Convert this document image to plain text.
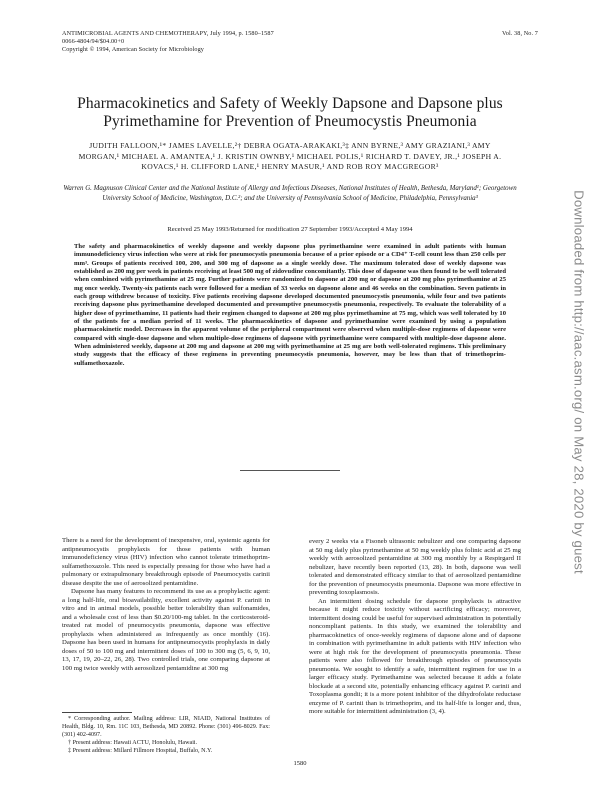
ANTIMICROBIAL AGENTS AND CHEMOTHERAPY, July 1994, p. 1580–1587
0066-4804/94/$04.00+0
Copyright © 1994, American Society for Microbiology
Vol. 38, No. 7
Pharmacokinetics and Safety of Weekly Dapsone and Dapsone plus Pyrimethamine for Prevention of Pneumocystis Pneumonia
JUDITH FALLOON,¹* JAMES LAVELLE,²† DEBRA OGATA-ARAKAKI,³‡ ANN BYRNE,³ AMY GRAZIANI,³ AMY MORGAN,¹ MICHAEL A. AMANTEA,¹ J. KRISTIN OWNBY,¹ MICHAEL POLIS,¹ RICHARD T. DAVEY, JR.,¹ JOSEPH A. KOVACS,¹ H. CLIFFORD LANE,¹ HENRY MASUR,¹ AND ROB ROY MACGREGOR³
Warren G. Magnuson Clinical Center and the National Institute of Allergy and Infectious Diseases, National Institutes of Health, Bethesda, Maryland¹; Georgetown University School of Medicine, Washington, D.C.²; and the University of Pennsylvania School of Medicine, Philadelphia, Pennsylvania³
Received 25 May 1993/Returned for modification 27 September 1993/Accepted 4 May 1994
The safety and pharmacokinetics of weekly dapsone and weekly dapsone plus pyrimethamine were examined in adult patients with human immunodeficiency virus infection who were at risk for pneumocystis pneumonia because of a prior episode or a CD4⁺ T-cell count less than 250 cells per mm³. Groups of patients received 100, 200, and 300 mg of dapsone as a single weekly dose. The maximum tolerated dose of weekly dapsone was established as 200 mg per week in patients receiving at least 500 mg of zidovudine concomitantly. This dose of dapsone was then found to be well tolerated when combined with pyrimethamine at 25 mg. Further patients were randomized to dapsone at 200 mg or dapsone at 200 mg plus pyrimethamine at 25 mg once weekly. Twenty-six patients each were followed for a median of 33 weeks on dapsone alone and 46 weeks on the combination. Seven patients in each group withdrew because of toxicity. Five patients receiving dapsone developed documented pneumocystis pneumonia, while four and two patients receiving dapsone plus pyrimethamine developed documented and presumptive pneumocystis pneumonia, respectively. To evaluate the tolerability of a higher dose of pyrimethamine, 11 patients had their regimen changed to dapsone at 200 mg plus pyrimethamine at 75 mg, which was well tolerated by 10 of the patients for a median period of 11 weeks. The pharmacokinetics of dapsone and pyrimethamine were examined by using a population pharmacokinetic model. Decreases in the apparent volume of the peripheral compartment were observed when multiple-dose regimens of dapsone were compared with single-dose dapsone and when multiple-dose regimens of dapsone with pyrimethamine were compared with multiple-dose dapsone alone. When administered weekly, dapsone at 200 mg and dapsone at 200 mg with pyrimethamine at 25 mg are both well-tolerated regimens. This preliminary study suggests that the efficacy of these regimens in preventing pneumocystis pneumonia, however, may be less than that of trimethoprim-sulfamethoxazole.

There is a need for the development of inexpensive, oral, systemic agents for antipneumocystis prophylaxis for those patients with human immunodeficiency virus (HIV) infection who cannot tolerate trimethoprim-sulfamethoxazole. This need is especially pressing for those who have had a pulmonary or extrapulmonary breakthrough episode of Pneumocystis carinii disease despite the use of aerosolized pentamidine.

Dapsone has many features to recommend its use as a prophylactic agent: a long half-life, oral bioavailability, excellent activity against P. carinii in vitro and in animal models, possible better tolerability than sulfonamides, and a wholesale cost of less than $0.20/100-mg tablet. In the corticosteroid-treated rat model of pneumocystis pneumonia, dapsone was effective prophylaxis when administered as infrequently as once monthly (16). Dapsone has been used in humans for antipneumocystis prophylaxis in daily doses of 50 to 100 mg and intermittent doses of 100 to 300 mg (5, 6, 9, 10, 13, 17, 19, 20–22, 26, 28). Two controlled trials, one comparing dapsone at 100 mg twice weekly with aerosolized pentamidine at 300 mg

every 2 weeks via a Fisoneb ultrasonic nebulizer and one comparing dapsone at 50 mg daily plus pyrimethamine at 50 mg weekly plus folinic acid at 25 mg weekly with aerosolized pentamidine at 300 mg monthly by a Respirgard II nebulizer, have recently been reported (13, 28). In both, dapsone was well tolerated and demonstrated efficacy similar to that of aerosolized pentamidine for the prevention of pneumocystis pneumonia. Dapsone was more effective in preventing toxoplasmosis.

An intermittent dosing schedule for dapsone prophylaxis is attractive because it might reduce toxicity without sacrificing efficacy; moreover, intermittent dosing could be useful for supervised administration in potentially noncompliant patients. In this study, we examined the tolerability and pharmacokinetics of once-weekly regimens of dapsone alone and of dapsone in combination with pyrimethamine in adult patients with HIV infection who were at high risk for the development of pneumocystis pneumonia. These patients were also followed for breakthrough episodes of pneumocystis pneumonia. We sought to identify a safe, intermittent regimen for use in a larger efficacy study. Pyrimethamine was selected because it adds a folate blockade at a second site, potentially enhancing efficacy against P. carinii and Toxoplasma gondii; it is a more potent inhibitor of the dihydrofolate reductase enzyme of P. carinii than is trimethoprim, and its half-life is longer and, thus, more suitable for intermittent administration (3, 4).

* Corresponding author. Mailing address: LIR, NIAID, National Institutes of Health, Bldg. 10, Rm. 11C 103, Bethesda, MD 20892. Phone: (301) 496-8029. Fax: (301) 402-4097.

† Present address: Hawaii ACTU, Honolulu, Hawaii.

‡ Present address: Millard Fillmore Hospital, Buffalo, N.Y.

1580
Downloaded from http://aac.asm.org/ on May 28, 2020 by guest
